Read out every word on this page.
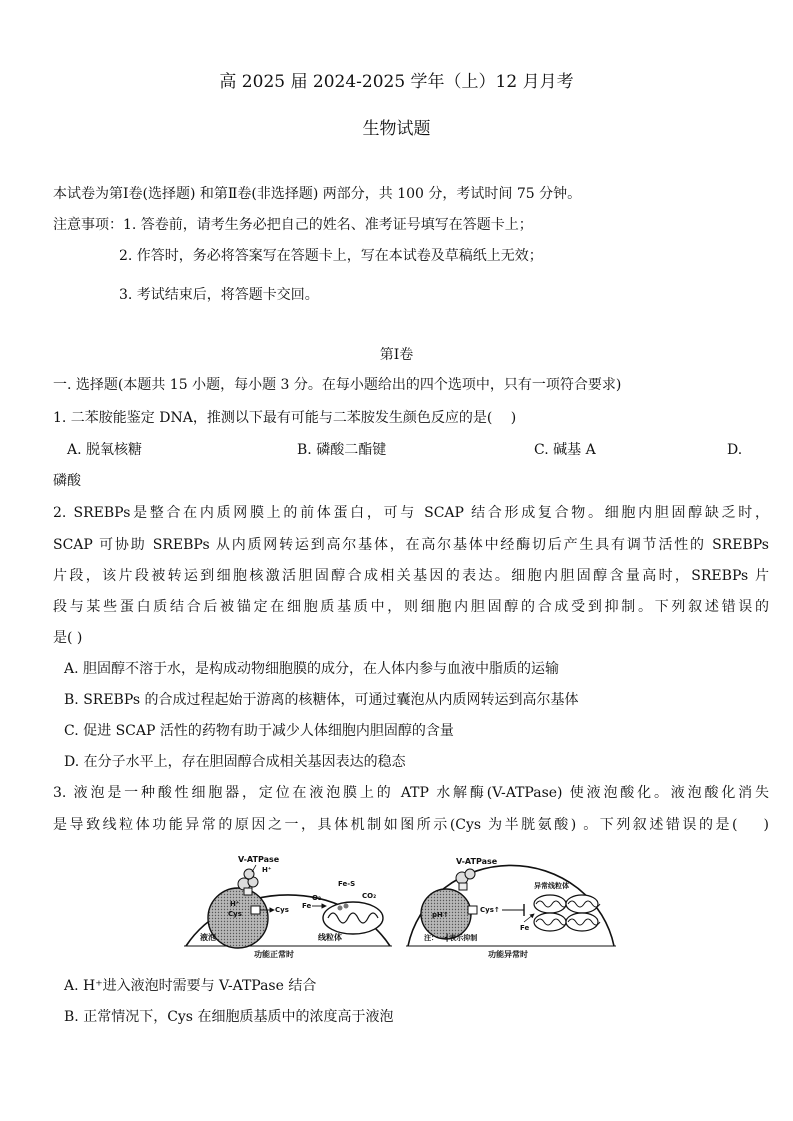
高 2025 届 2024-2025 学年（上）12 月月考
生物试题
本试卷为第Ⅰ卷(选择题) 和第Ⅱ卷(非选择题) 两部分，共 100 分，考试时间 75 分钟。
注意事项：1. 答卷前，请考生务必把自己的姓名、准考证号填写在答题卡上；
2. 作答时，务必将答案写在答题卡上，写在本试卷及草稿纸上无效；
3. 考试结束后，将答题卡交回。
第Ⅰ卷
一. 选择题(本题共 15 小题，每小题 3 分。在每小题给出的四个选项中，只有一项符合要求)
1. 二苯胺能鉴定 DNA，推测以下最有可能与二苯胺发生颜色反应的是(　 )
A. 脱氧核糖	B. 磷酸二酯键	C. 碱基 A	D.
磷酸
2. SREBPs是整合在内质网膜上的前体蛋白，可与 SCAP 结合形成复合物。细胞内胆固醇缺乏时，
SCAP 可协助 SREBPs 从内质网转运到高尔基体，在高尔基体中经酶切后产生具有调节活性的 SREBPs
片段，该片段被转运到细胞核激活胆固醇合成相关基因的表达。细胞内胆固醇含量高时，SREBPs 片
段与某些蛋白质结合后被锚定在细胞质基质中，则细胞内胆固醇的合成受到抑制。下列叙述错误的
是( )
A. 胆固醇不溶于水，是构成动物细胞膜的成分，在人体内参与血液中脂质的运输
B. SREBPs 的合成过程起始于游离的核糖体，可通过囊泡从内质网转运到高尔基体
C. 促进 SCAP 活性的药物有助于减少人体细胞内胆固醇的含量
D. 在分子水平上，存在胆固醇合成相关基因表达的稳态
3. 液泡是一种酸性细胞器，定位在液泡膜上的 ATP 水解酶(V-ATPase) 使液泡酸化。液泡酸化消失
是导致线粒体功能异常的原因之一，具体机制如图所示(Cys 为半胱氨酸) 。下列叙述错误的是(　 )
V-ATPase
H⁺
H⁺
Cys	Cys
液泡
Fe
O₂
Fe-S
CO₂
线粒体
功能正常时
V-ATPase
pH↑
Cys↑
Fe
异常线粒体
注：—┫表示抑制
功能异常时
A. H⁺进入液泡时需要与 V-ATPase 结合
B. 正常情况下，Cys 在细胞质基质中的浓度高于液泡
